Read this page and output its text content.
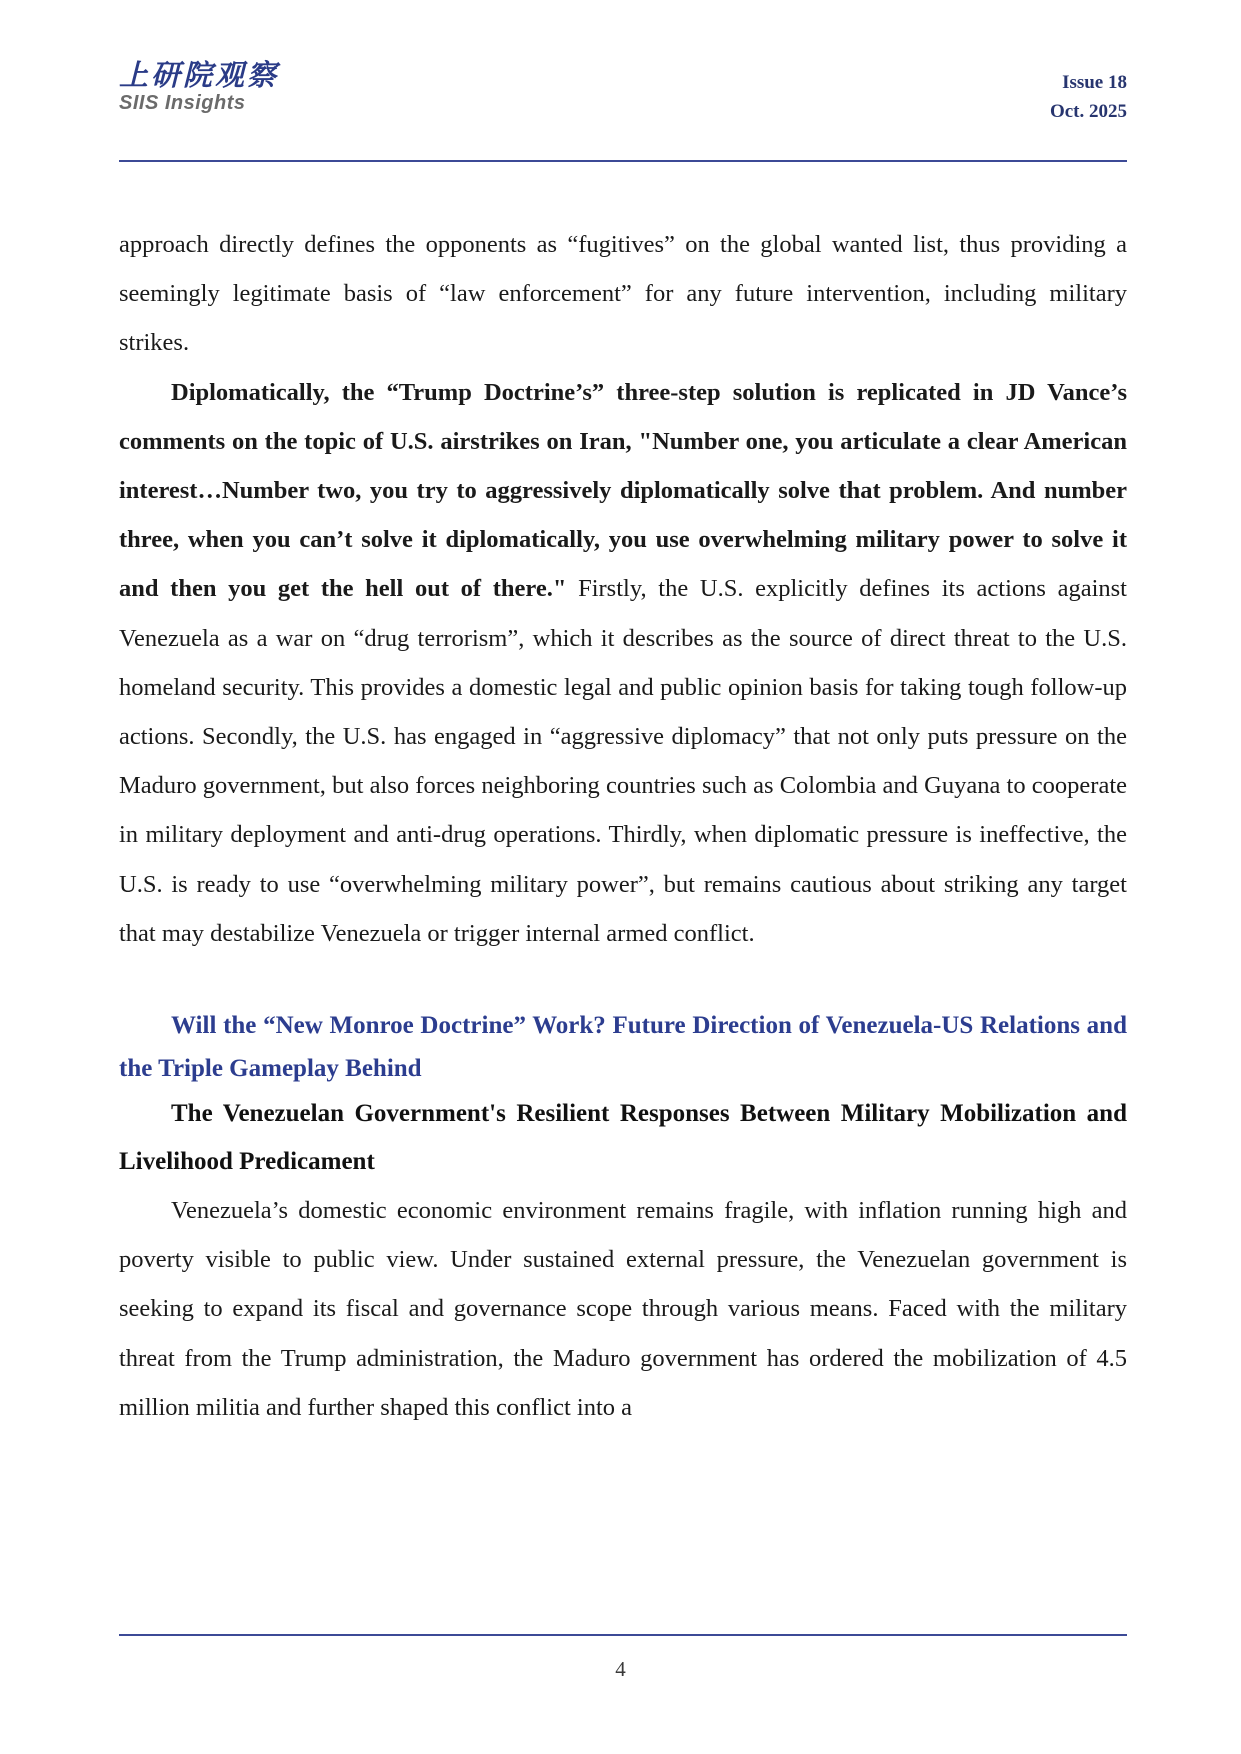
上研院观察
SIIS Insights
Issue 18
Oct. 2025

approach directly defines the opponents as “fugitives” on the global wanted list, thus providing a seemingly legitimate basis of “law enforcement” for any future intervention, including military strikes.

Diplomatically, the “Trump Doctrine’s” three-step solution is replicated in JD Vance’s comments on the topic of U.S. airstrikes on Iran, "Number one, you articulate a clear American interest…Number two, you try to aggressively diplomatically solve that problem. And number three, when you can’t solve it diplomatically, you use overwhelming military power to solve it and then you get the hell out of there." Firstly, the U.S. explicitly defines its actions against Venezuela as a war on “drug terrorism”, which it describes as the source of direct threat to the U.S. homeland security. This provides a domestic legal and public opinion basis for taking tough follow-up actions. Secondly, the U.S. has engaged in “aggressive diplomacy” that not only puts pressure on the Maduro government, but also forces neighboring countries such as Colombia and Guyana to cooperate in military deployment and anti-drug operations. Thirdly, when diplomatic pressure is ineffective, the U.S. is ready to use “overwhelming military power”, but remains cautious about striking any target that may destabilize Venezuela or trigger internal armed conflict.

Will the “New Monroe Doctrine” Work? Future Direction of Venezuela-US Relations and the Triple Gameplay Behind
The Venezuelan Government's Resilient Responses Between Military Mobilization and Livelihood Predicament

Venezuela’s domestic economic environment remains fragile, with inflation running high and poverty visible to public view. Under sustained external pressure, the Venezuelan government is seeking to expand its fiscal and governance scope through various means. Faced with the military threat from the Trump administration, the Maduro government has ordered the mobilization of 4.5 million militia and further shaped this conflict into a

4
